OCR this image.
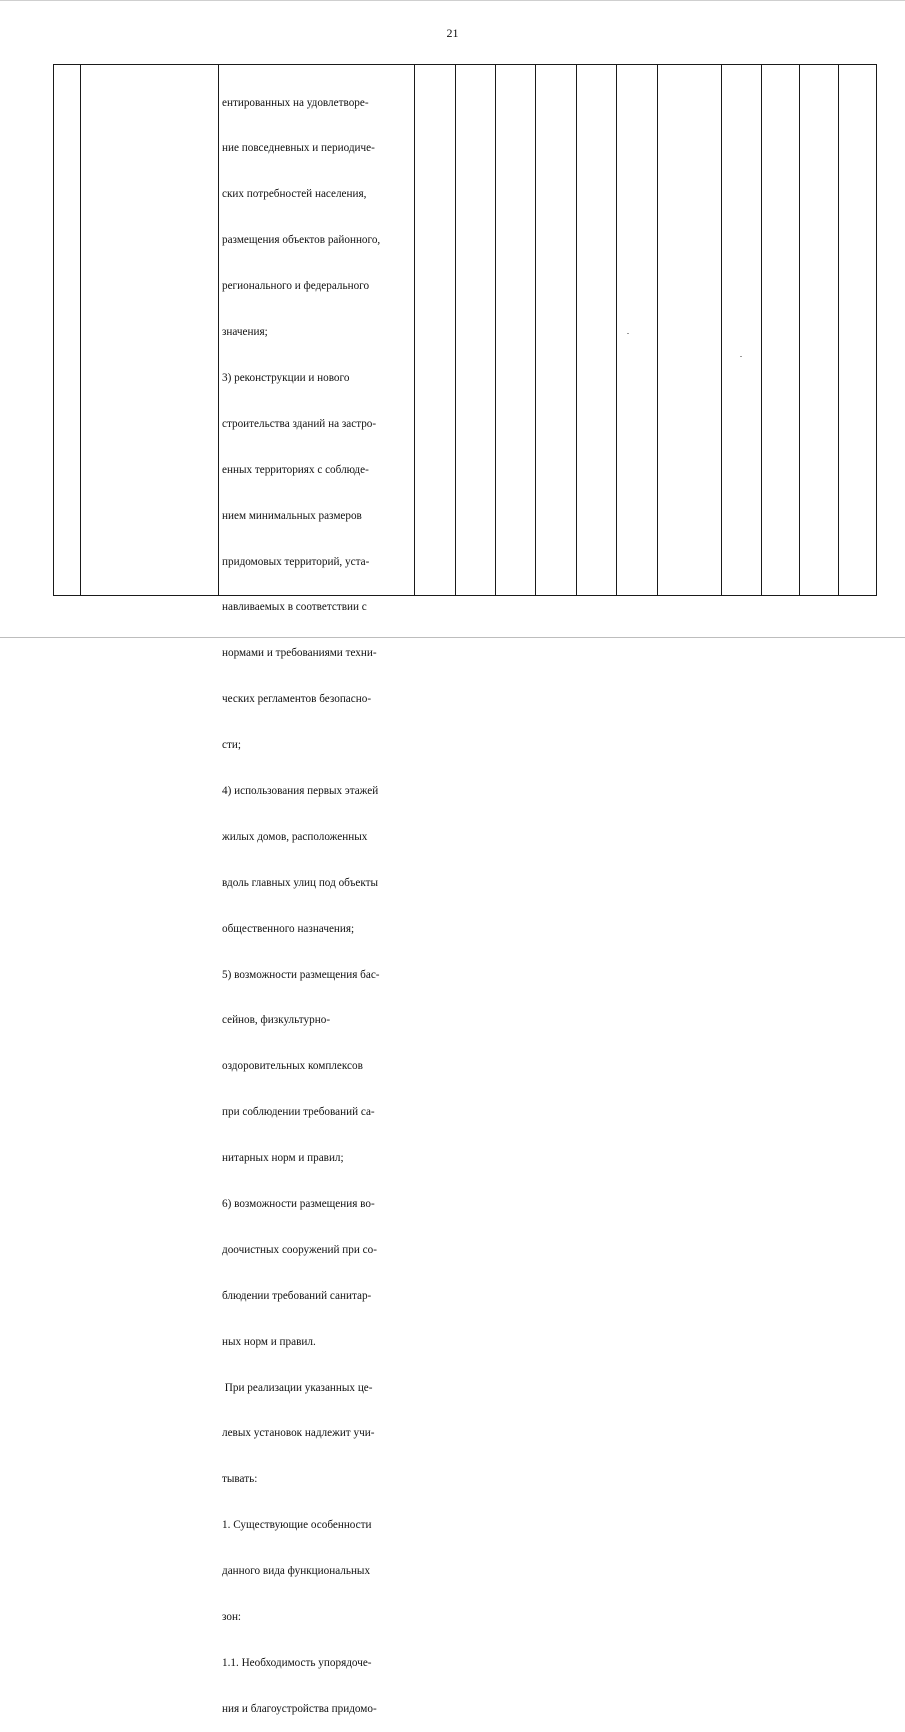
21

ентированных на удовлетворе-

ние повседневных и периодиче-

ских потребностей населения,

размещения объектов районного,

регионального и федерального

значения;

3) реконструкции и нового

строительства зданий на застро-

енных территориях с соблюде-

нием минимальных размеров

придомовых территорий, уста-

навливаемых в соответствии с

нормами и требованиями техни-

ческих регламентов безопасно-

сти;

4) использования первых этажей

жилых домов, расположенных

вдоль главных улиц под объекты

общественного назначения;

5) возможности размещения бас-

сейнов, физкультурно-

оздоровительных комплексов

при соблюдении требований са-

нитарных норм и правил;

6) возможности размещения во-

доочистных сооружений при со-

блюдении требований санитар-

ных норм и правил.

При реализации указанных це-

левых установок надлежит учи-

тывать:

1. Существующие особенности

данного вида функциональных

зон:

1.1. Необходимость упорядоче-

ния и благоустройства придомо-
